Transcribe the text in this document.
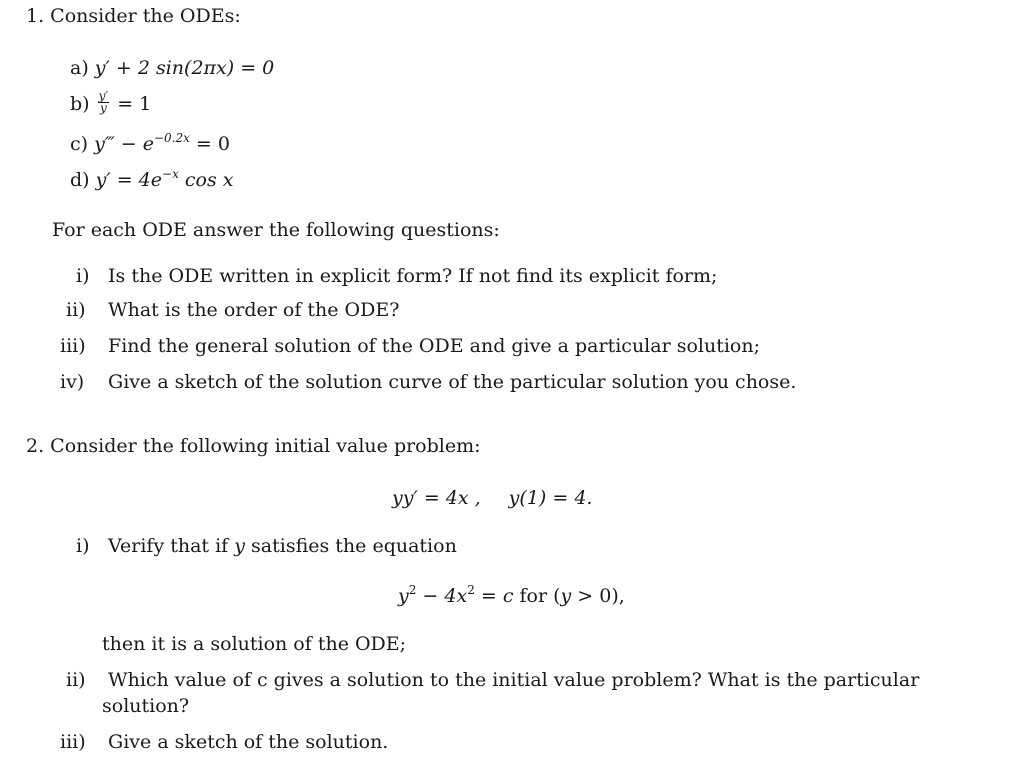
1. Consider the ODEs:
a) y′ + 2 sin(2πx) = 0
$b) \frac{y'}{y} = 1$
c) y‴ − $e^{-0.2x} = 0$
d) $y' = 4e^{-x}$ cos x
For each ODE answer the following questions:
i) Is the ODE written in explicit form? If not find its explicit form;
ii) What is the order of the ODE?
iii) Find the general solution of the ODE and give a particular solution;
iv) Give a sketch of the solution curve of the particular solution you chose.
2. Consider the following initial value problem:
yy′ = 4x , y(1) = 4.
i) Verify that if y satisfies the equation
$y^2 - 4x^2 = c$ for (y > 0),
then it is a solution of the ODE;
ii) Which value of c gives a solution to the initial value problem? What is the particular
solution?
iii) Give a sketch of the solution.
